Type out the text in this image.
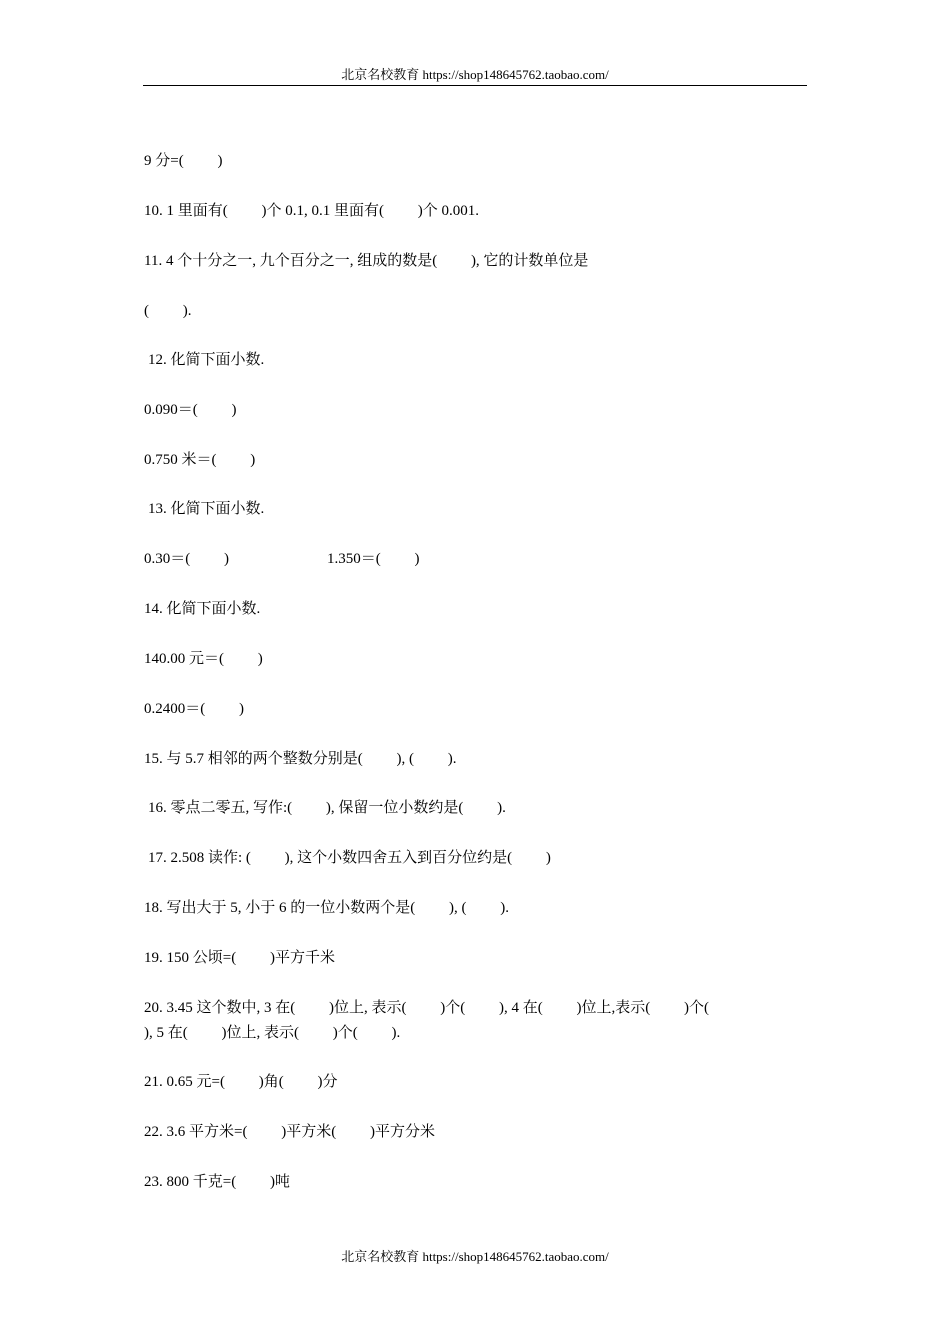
北京名校教育 https://shop148645762.taobao.com/
9 分=(         )
10. 1 里面有(         )个 0.1, 0.1 里面有(         )个 0.001.
11. 4 个十分之一, 九个百分之一, 组成的数是(         ), 它的计数单位是
(         ).
12. 化简下面小数.
0.090＝(         )
0.750 米＝(         )
13. 化简下面小数.
0.30＝(         )	1.350＝(         )
14. 化简下面小数.
140.00 元＝(         )
0.2400＝(         )
15. 与 5.7 相邻的两个整数分别是(         ), (         ).
16. 零点二零五, 写作:(         ), 保留一位小数约是(         ).
17. 2.508 读作: (         ), 这个小数四舍五入到百分位约是(         )
18. 写出大于 5, 小于 6 的一位小数两个是(         ), (         ).
19. 150 公顷=(         )平方千米
20. 3.45 这个数中, 3 在(         )位上, 表示(         )个(         ), 4 在(         )位上,表示(         )个(
), 5 在(         )位上, 表示(         )个(         ).
21. 0.65 元=(         )角(         )分
22. 3.6 平方米=(         )平方米(         )平方分米
23. 800 千克=(         )吨
北京名校教育 https://shop148645762.taobao.com/
